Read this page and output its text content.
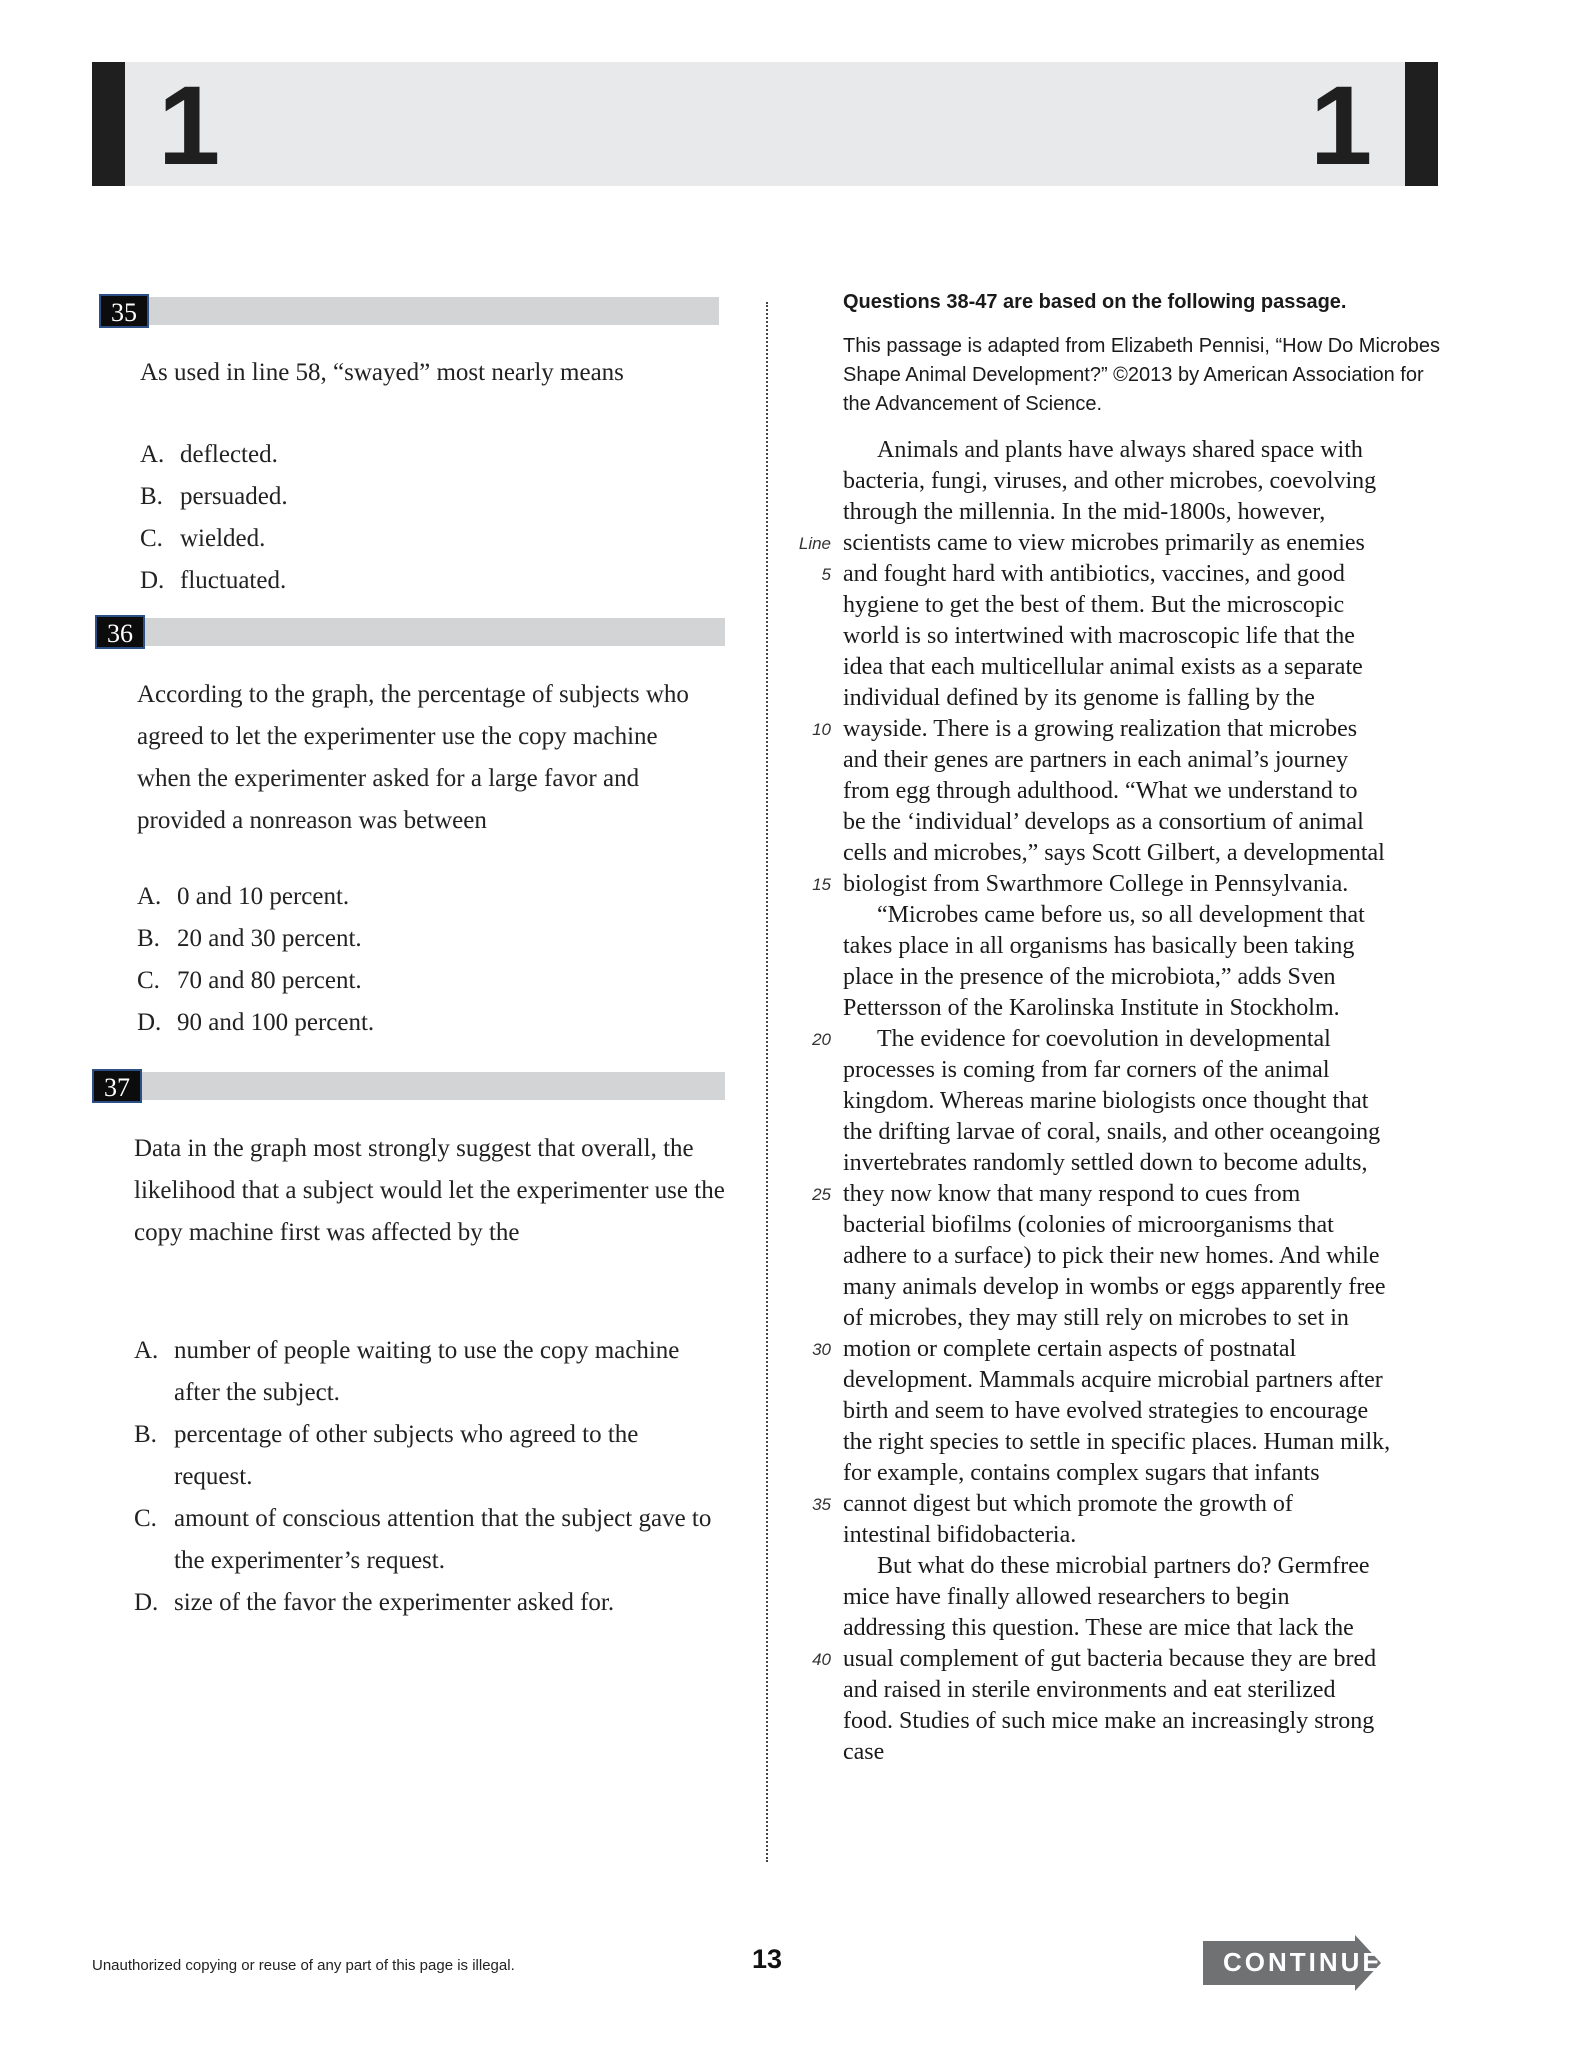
1	1
35
As used in line 58, “swayed” most nearly means
A. deflected.
B. persuaded.
C. wielded.
D. fluctuated.
36
According to the graph, the percentage of subjects who agreed to let the experimenter use the copy machine when the experimenter asked for a large favor and provided a nonreason was between
A. 0 and 10 percent.
B. 20 and 30 percent.
C. 70 and 80 percent.
D. 90 and 100 percent.
37
Data in the graph most strongly suggest that overall, the likelihood that a subject would let the experimenter use the copy machine first was affected by the
A. number of people waiting to use the copy machine after the subject.
B. percentage of other subjects who agreed to the request.
C. amount of conscious attention that the subject gave to the experimenter’s request.
D. size of the favor the experimenter asked for.
Questions 38-47 are based on the following passage.
This passage is adapted from Elizabeth Pennisi, “How Do Microbes Shape Animal Development?” ©2013 by American Association for the Advancement of Science.
Animals and plants have always shared space with
bacteria, fungi, viruses, and other microbes, coevolving
through the millennia. In the mid-1800s, however,
Line scientists came to view microbes primarily as enemies
5 and fought hard with antibiotics, vaccines, and good
hygiene to get the best of them. But the microscopic
world is so intertwined with macroscopic life that the
idea that each multicellular animal exists as a separate
individual defined by its genome is falling by the
10 wayside. There is a growing realization that microbes
and their genes are partners in each animal’s journey
from egg through adulthood. “What we understand to
be the ‘individual’ develops as a consortium of animal
cells and microbes,” says Scott Gilbert, a developmental
15 biologist from Swarthmore College in Pennsylvania.
“Microbes came before us, so all development that
takes place in all organisms has basically been taking
place in the presence of the microbiota,” adds Sven
Pettersson of the Karolinska Institute in Stockholm.
20 The evidence for coevolution in developmental
processes is coming from far corners of the animal
kingdom. Whereas marine biologists once thought that
the drifting larvae of coral, snails, and other oceangoing
invertebrates randomly settled down to become adults,
25 they now know that many respond to cues from
bacterial biofilms (colonies of microorganisms that
adhere to a surface) to pick their new homes. And while
many animals develop in wombs or eggs apparently free
of microbes, they may still rely on microbes to set in
30 motion or complete certain aspects of postnatal
development. Mammals acquire microbial partners after
birth and seem to have evolved strategies to encourage
the right species to settle in specific places. Human milk,
for example, contains complex sugars that infants
35 cannot digest but which promote the growth of
intestinal bifidobacteria.
But what do these microbial partners do? Germfree
mice have finally allowed researchers to begin
addressing this question. These are mice that lack the
40 usual complement of gut bacteria because they are bred
and raised in sterile environments and eat sterilized
food. Studies of such mice make an increasingly strong
case
Unauthorized copying or reuse of any part of this page is illegal.	13	CONTINUE
